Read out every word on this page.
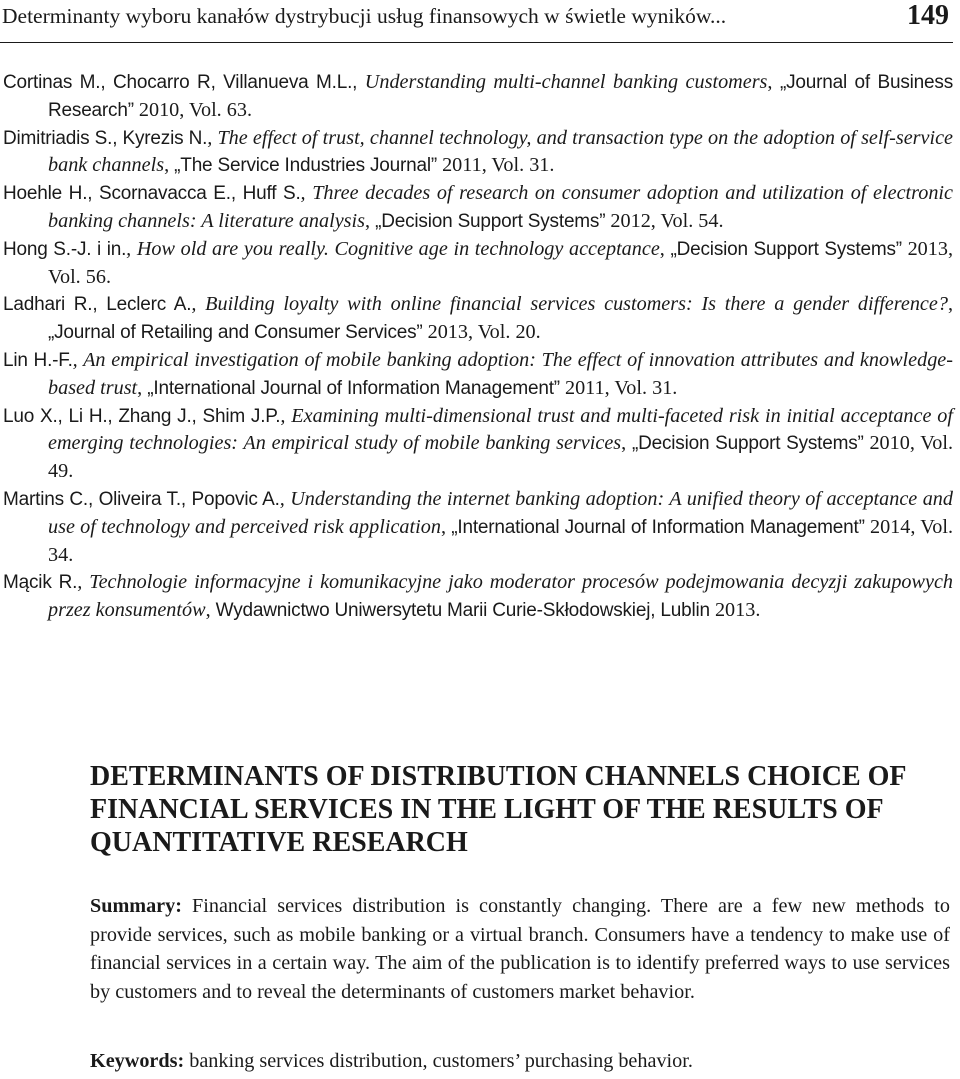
Determinanty wyboru kanałów dystrybucji usług finansowych w świetle wyników...	149
Cortinas M., Chocarro R, Villanueva M.L., Understanding multi-channel banking customers, „Journal of Business Research” 2010, Vol. 63.
Dimitriadis S., Kyrezis N., The effect of trust, channel technology, and transaction type on the adoption of self-service bank channels, „The Service Industries Journal” 2011, Vol. 31.
Hoehle H., Scornavacca E., Huff S., Three decades of research on consumer adoption and utilization of electronic banking channels: A literature analysis, „Decision Support Systems” 2012, Vol. 54.
Hong S.-J. i in., How old are you really. Cognitive age in technology acceptance, „Decision Support Systems” 2013, Vol. 56.
Ladhari R., Leclerc A., Building loyalty with online financial services customers: Is there a gender difference?, „Journal of Retailing and Consumer Services” 2013, Vol. 20.
Lin H.-F., An empirical investigation of mobile banking adoption: The effect of innovation attributes and knowledge-based trust, „International Journal of Information Management” 2011, Vol. 31.
Luo X., Li H., Zhang J., Shim J.P., Examining multi-dimensional trust and multi-faceted risk in initial acceptance of emerging technologies: An empirical study of mobile banking services, „Decision Support Systems” 2010, Vol. 49.
Martins C., Oliveira T., Popovic A., Understanding the internet banking adoption: A unified theory of acceptance and use of technology and perceived risk application, „International Journal of Information Management” 2014, Vol. 34.
Mącik R., Technologie informacyjne i komunikacyjne jako moderator procesów podejmowania decyzji zakupowych przez konsumentów, Wydawnictwo Uniwersytetu Marii Curie-Skłodowskiej, Lublin 2013.
DETERMINANTS OF DISTRIBUTION CHANNELS CHOICE OF FINANCIAL SERVICES IN THE LIGHT OF THE RESULTS OF QUANTITATIVE RESEARCH

Summary: Financial services distribution is constantly changing. There are a few new methods to provide services, such as mobile banking or a virtual branch. Consumers have a tendency to make use of financial services in a certain way. The aim of the publication is to identify preferred ways to use services by customers and to reveal the determinants of customers market behavior.

Keywords: banking services distribution, customers’ purchasing behavior.
